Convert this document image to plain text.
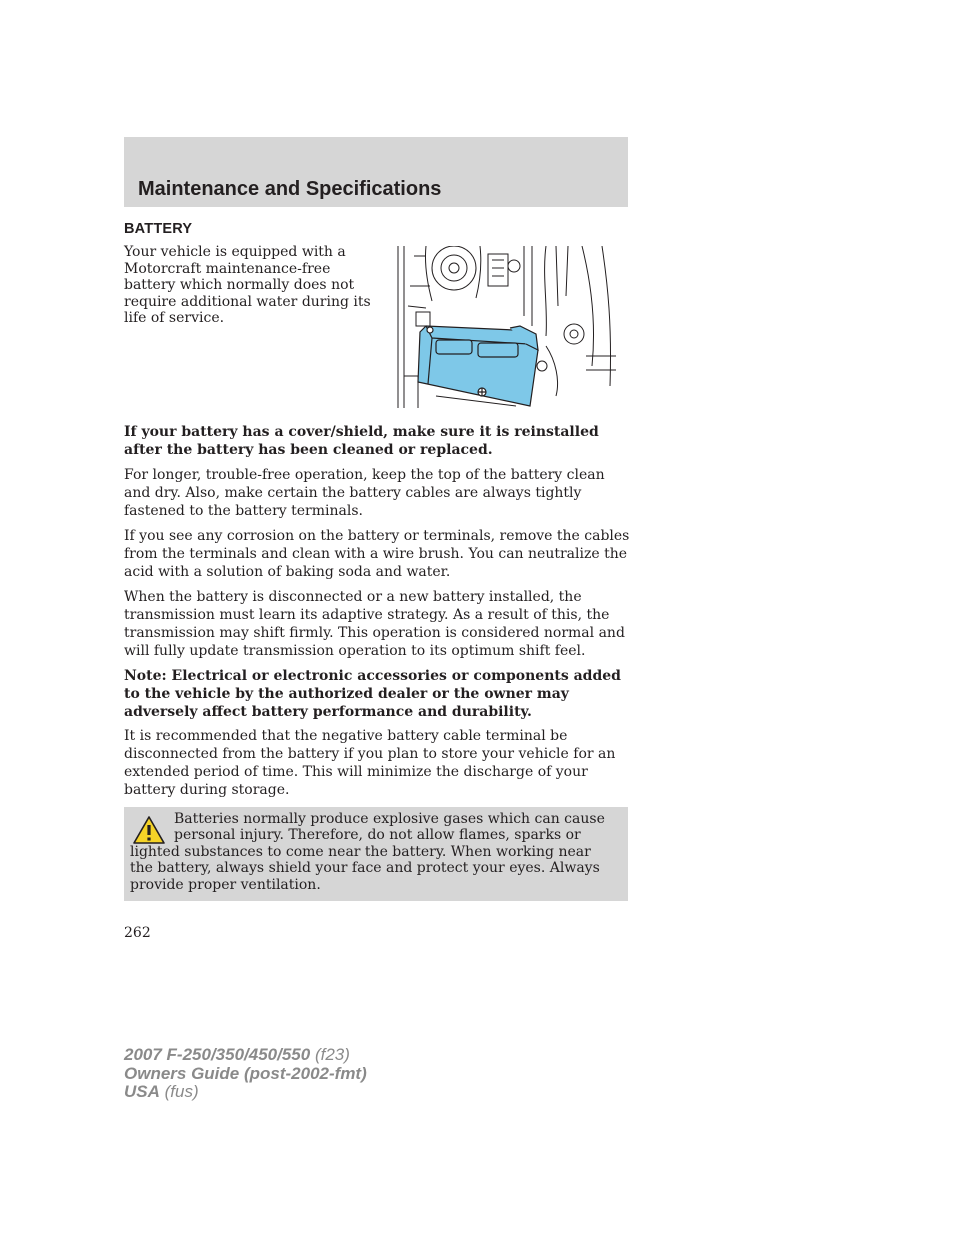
Maintenance and Specifications
BATTERY

Your vehicle is equipped with a Motorcraft maintenance-free battery which normally does not require additional water during its life of service.

If your battery has a cover/shield, make sure it is reinstalled after the battery has been cleaned or replaced.

For longer, trouble-free operation, keep the top of the battery clean and dry. Also, make certain the battery cables are always tightly fastened to the battery terminals.

If you see any corrosion on the battery or terminals, remove the cables from the terminals and clean with a wire brush. You can neutralize the acid with a solution of baking soda and water.

When the battery is disconnected or a new battery installed, the transmission must learn its adaptive strategy. As a result of this, the transmission may shift firmly. This operation is considered normal and will fully update transmission operation to its optimum shift feel.

Note: Electrical or electronic accessories or components added to the vehicle by the authorized dealer or the owner may adversely affect battery performance and durability.

It is recommended that the negative battery cable terminal be disconnected from the battery if you plan to store your vehicle for an extended period of time. This will minimize the discharge of your battery during storage.

Batteries normally produce explosive gases which can cause personal injury. Therefore, do not allow flames, sparks or lighted substances to come near the battery. When working near the battery, always shield your face and protect your eyes. Always provide proper ventilation.

262
2007 F-250/350/450/550 (f23)
Owners Guide (post-2002-fmt)
USA (fus)
